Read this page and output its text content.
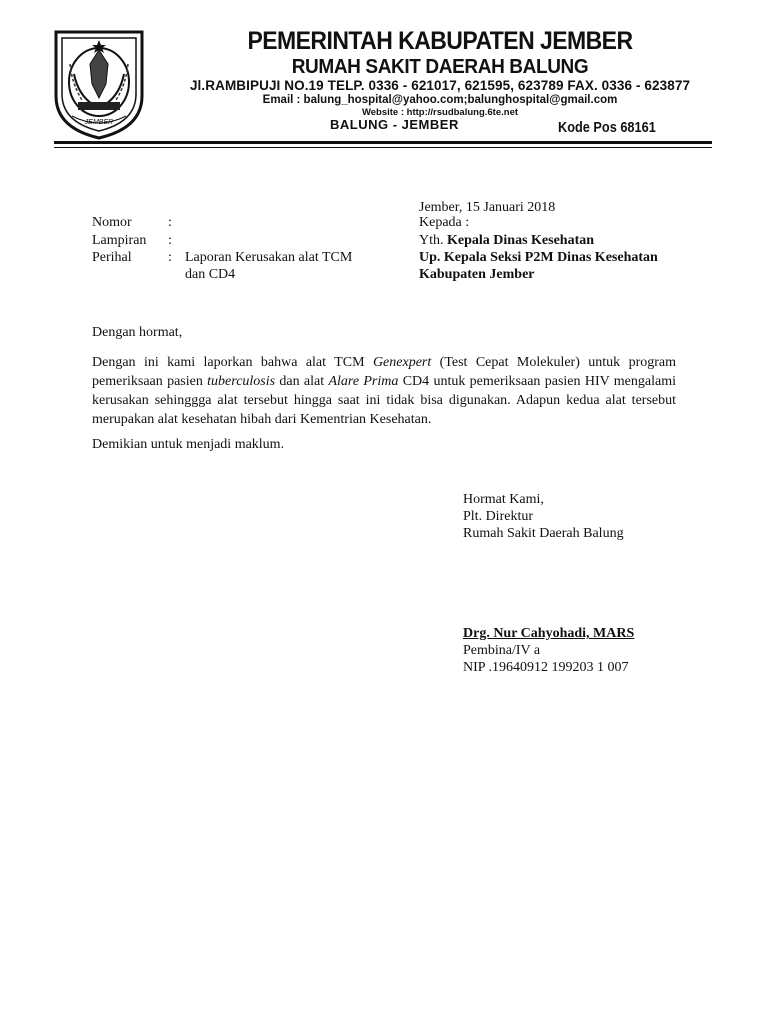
JEMBER
PEMERINTAH KABUPATEN JEMBER
RUMAH SAKIT DAERAH BALUNG
Jl.RAMBIPUJI NO.19 TELP. 0336 - 621017, 621595, 623789 FAX. 0336 - 623877
Email : balung_hospital@yahoo.com;balunghospital@gmail.com
Website : http://rsudbalung.6te.net
BALUNG - JEMBER	Kode Pos 68161
Jember, 15 Januari 2018
Nomor	:
Lampiran :
Perihal	: Laporan Kerusakan alat TCM
dan CD4
Kepada :
Yth. Kepala Dinas Kesehatan
Up. Kepala Seksi P2M Dinas Kesehatan
Kabupaten Jember
Dengan hormat,

Dengan ini kami laporkan bahwa alat TCM Genexpert (Test Cepat Molekuler) untuk program pemeriksaan pasien tuberculosis dan alat Alare Prima CD4 untuk pemeriksaan pasien HIV mengalami kerusakan sehinggga alat tersebut hingga saat ini tidak bisa digunakan. Adapun kedua alat tersebut merupakan alat kesehatan hibah dari Kementrian Kesehatan.

Demikian untuk menjadi maklum.
Hormat Kami,
Plt. Direktur
Rumah Sakit Daerah Balung
Drg. Nur Cahyohadi, MARS
Pembina/IV a
NIP .19640912 199203 1 007
